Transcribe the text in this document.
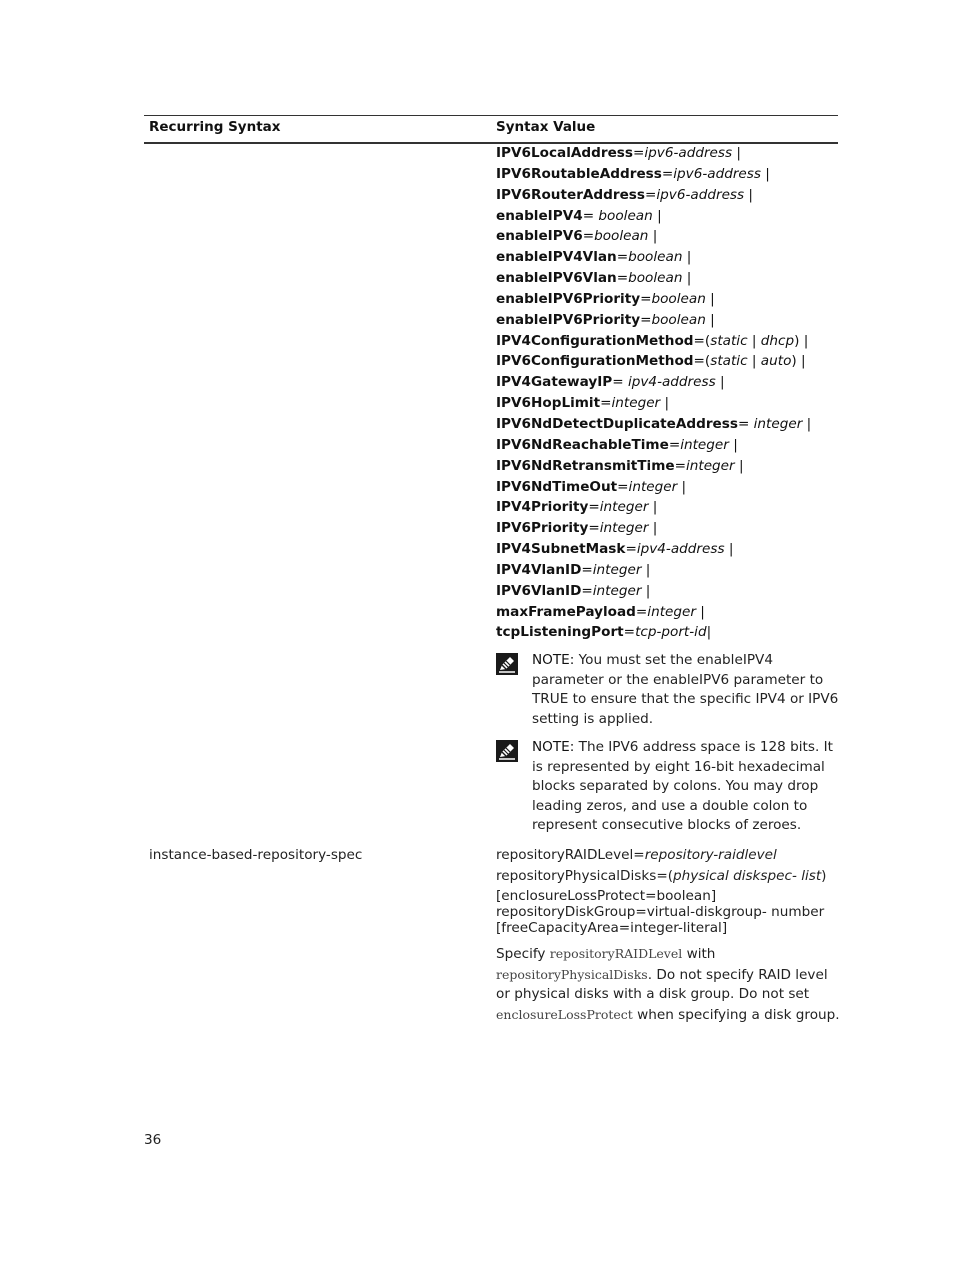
Recurring Syntax	Syntax Value
IPV6LocalAddress=ipv6-address |
IPV6RoutableAddress=ipv6-address |
IPV6RouterAddress=ipv6-address |
enableIPV4= boolean |
enableIPV6=boolean |
enableIPV4Vlan=boolean |
enableIPV6Vlan=boolean |
enableIPV6Priority=boolean |
enableIPV6Priority=boolean |
IPV4ConfigurationMethod=(static | dhcp) |
IPV6ConfigurationMethod=(static | auto) |
IPV4GatewayIP= ipv4-address |
IPV6HopLimit=integer |
IPV6NdDetectDuplicateAddress= integer |
IPV6NdReachableTime=integer |
IPV6NdRetransmitTime=integer |
IPV6NdTimeOut=integer |
IPV4Priority=integer |
IPV6Priority=integer |
IPV4SubnetMask=ipv4-address |
IPV4VlanID=integer |
IPV6VlanID=integer |
maxFramePayload=integer |
tcpListeningPort=tcp-port-id|
NOTE: You must set the enableIPV4 parameter or the enableIPV6 parameter to TRUE to ensure that the specific IPV4 or IPV6 setting is applied.
NOTE: The IPV6 address space is 128 bits. It is represented by eight 16-bit hexadecimal blocks separated by colons. You may drop leading zeros, and use a double colon to represent consecutive blocks of zeroes.
instance-based-repository-spec	repositoryRAIDLevel=repository-raidlevel
repositoryPhysicalDisks=(physical diskspec- list)
[enclosureLossProtect=boolean]
repositoryDiskGroup=virtual-diskgroup- number
[freeCapacityArea=integer-literal]
Specify repositoryRAIDLevel with repositoryPhysicalDisks. Do not specify RAID level or physical disks with a disk group. Do not set enclosureLossProtect when specifying a disk group.
36
